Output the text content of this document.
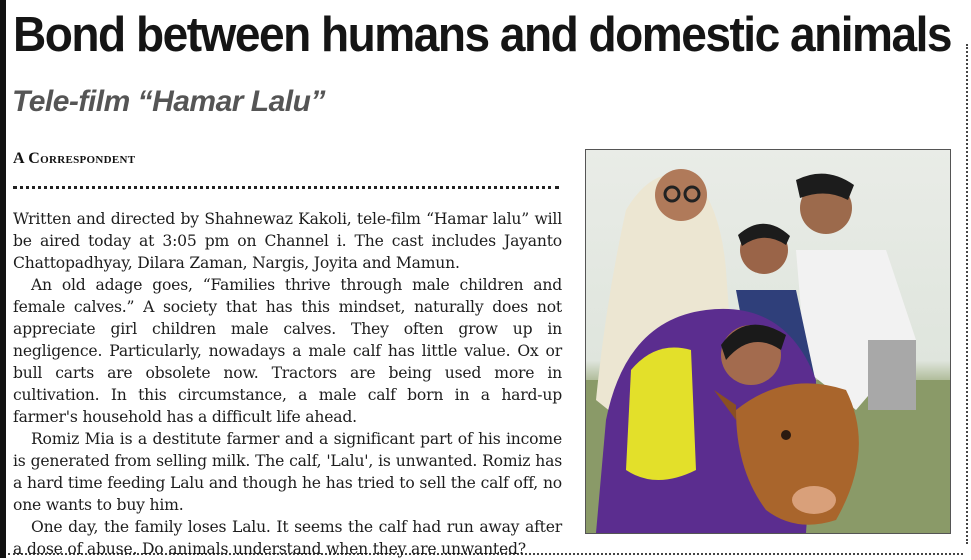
Bond between humans and domestic animals
Tele-film “Hamar Lalu”
A Correspondent

Written and directed by Shahnewaz Kakoli, tele-film “Hamar lalu” will be aired today at 3:05 pm on Channel i. The cast includes Jayanto Chattopadhyay, Dilara Zaman, Nargis, Joyita and Mamun.

An old adage goes, “Families thrive through male children and female calves.” A society that has this mindset, naturally does not appreciate girl children male calves. They often grow up in negligence. Particularly, nowadays a male calf has little value. Ox or bull carts are obsolete now. Tractors are being used more in cultivation. In this circumstance, a male calf born in a hard-up farmer's household has a difficult life ahead.

Romiz Mia is a destitute farmer and a significant part of his income is generated from selling milk. The calf, 'Lalu', is unwanted. Romiz has a hard time feeding Lalu and though he has tried to sell the calf off, no one wants to buy him.

One day, the family loses Lalu. It seems the calf had run away after a dose of abuse. Do animals understand when they are unwanted?
